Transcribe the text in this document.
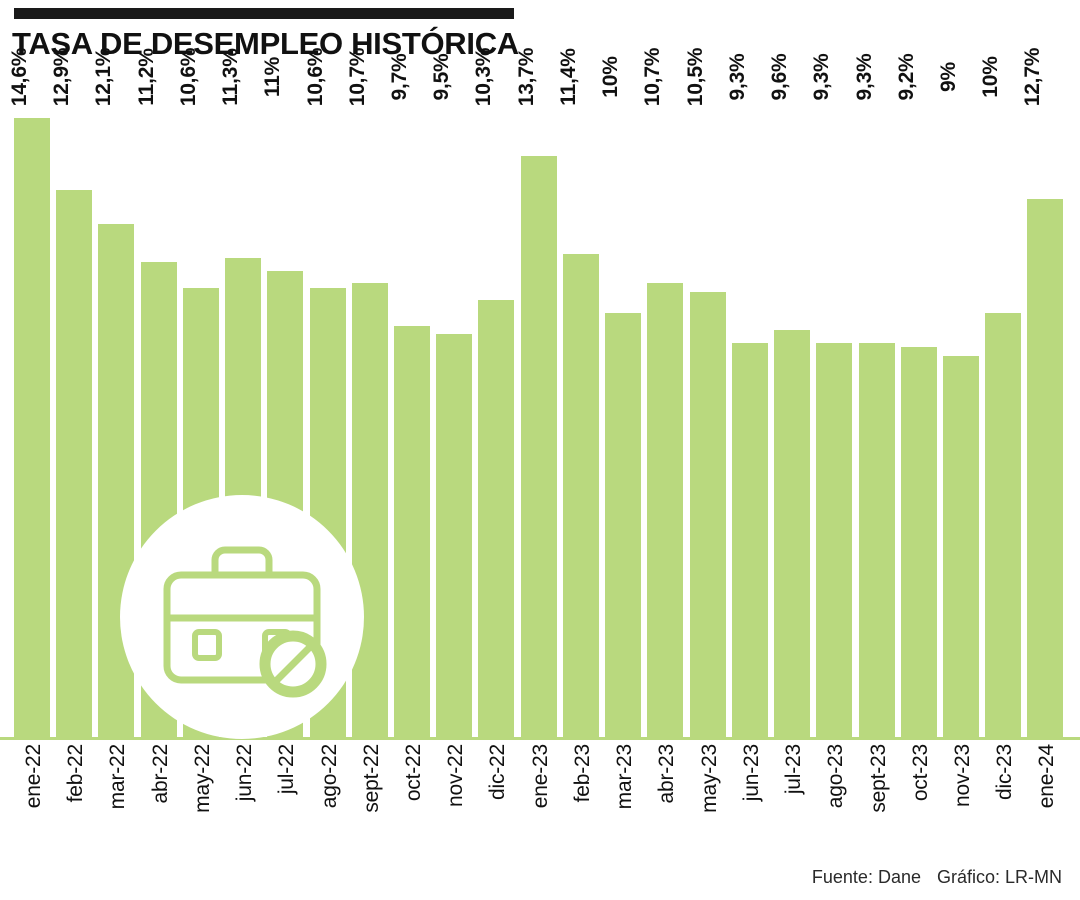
TASA DE DESEMPLEO HISTÓRICA
14,6% 12,9% 12,1% 11,2% 10,6% 11,3% 11% 10,6% 10,7% 9,7% 9,5% 10,3% 13,7% 11,4% 10% 10,7% 10,5% 9,3% 9,6% 9,3% 9,3% 9,2% 9% 10% 12,7%
ene-22 feb-22 mar-22 abr-22 may-22 jun-22 jul-22 ago-22 sept-22 oct-22 nov-22 dic-22 ene-23 feb-23 mar-23 abr-23 may-23 jun-23 jul-23 ago-23 sept-23 oct-23 nov-23 dic-23 ene-24
Fuente: Dane Gráfico: LR-MN
